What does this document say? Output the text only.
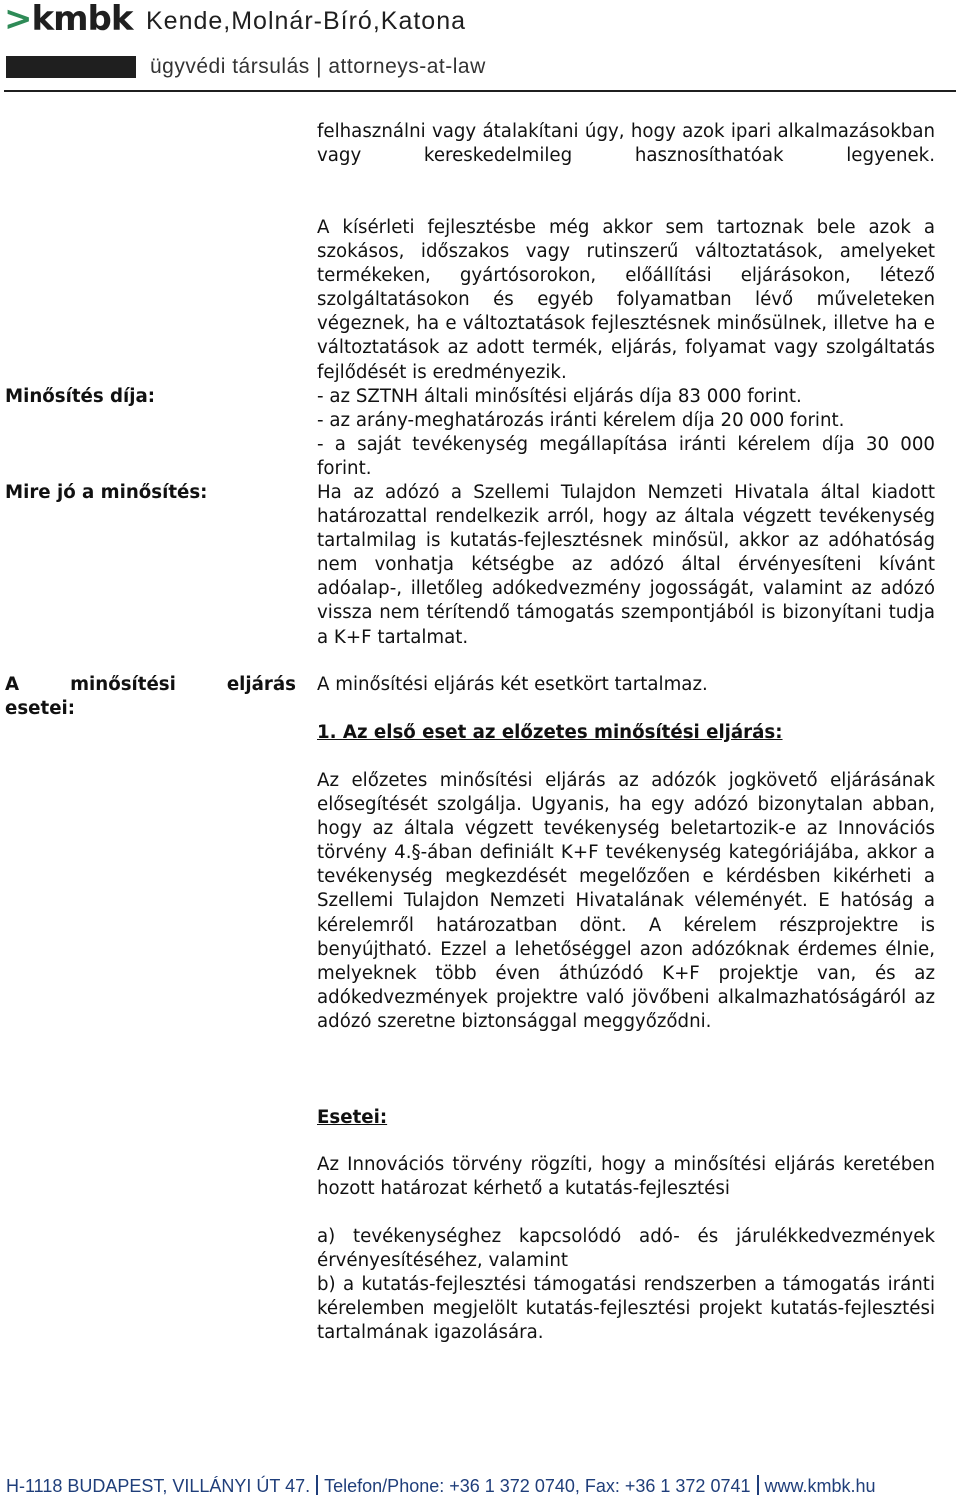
>kmbk Kende,Molnár-Bíró,Katona
ügyvédi társulás | attorneys-at-law
felhasználni vagy átalakítani úgy, hogy azok ipari alkalmazásokban vagy kereskedelmileg hasznosíthatóak legyenek.
A kísérleti fejlesztésbe még akkor sem tartoznak bele azok a szokásos, időszakos vagy rutinszerű változtatások, amelyeket termékeken, gyártósorokon, előállítási eljárásokon, létező szolgáltatásokon és egyéb folyamatban lévő műveleteken végeznek, ha e változtatások fejlesztésnek minősülnek, illetve ha e változtatások az adott termék, eljárás, folyamat vagy szolgáltatás fejlődését is eredményezik.
Minősítés díja:	- az SZTNH általi minősítési eljárás díja 83 000 forint.
- az arány-meghatározás iránti kérelem díja 20 000 forint.
- a saját tevékenység megállapítása iránti kérelem díja 30 000 forint.
Mire jó a minősítés:	Ha az adózó a Szellemi Tulajdon Nemzeti Hivatala által kiadott határozattal rendelkezik arról, hogy az általa végzett tevékenység tartalmilag is kutatás-fejlesztésnek minősül, akkor az adóhatóság nem vonhatja kétségbe az adózó által érvényesíteni kívánt adóalap-, illetőleg adókedvezmény jogosságát, valamint az adózó vissza nem térítendő támogatás szempontjából is bizonyítani tudja a K+F tartalmat.
A minősítési eljárás
esetei:
A minősítési eljárás két esetkört tartalmaz.
1. Az első eset az előzetes minősítési eljárás:
Az előzetes minősítési eljárás az adózók jogkövető eljárásának elősegítését szolgálja. Ugyanis, ha egy adózó bizonytalan abban, hogy az általa végzett tevékenység beletartozik-e az Innovációs törvény 4.§-ában definiált K+F tevékenység kategóriájába, akkor a tevékenység megkezdését megelőzően e kérdésben kikérheti a Szellemi Tulajdon Nemzeti Hivatalának véleményét. E hatóság a kérelemről határozatban dönt. A kérelem részprojektre is benyújtható. Ezzel a lehetőséggel azon adózóknak érdemes élnie, melyeknek több éven áthúzódó K+F projektje van, és az adókedvezmények projektre való jövőbeni alkalmazhatóságáról az adózó szeretne biztonsággal meggyőződni.
Esetei:
Az Innovációs törvény rögzíti, hogy a minősítési eljárás keretében hozott határozat kérhető a kutatás-fejlesztési
a) tevékenységhez kapcsolódó adó- és járulékkedvezmények érvényesítéséhez, valamint
b) a kutatás-fejlesztési támogatási rendszerben a támogatás iránti kérelemben megjelölt kutatás-fejlesztési projekt kutatás-fejlesztési tartalmának igazolására.
H-1118 BUDAPEST, VILLÁNYI ÚT 47. Telefon/Phone: +36 1 372 0740, Fax: +36 1 372 0741 www.kmbk.hu
